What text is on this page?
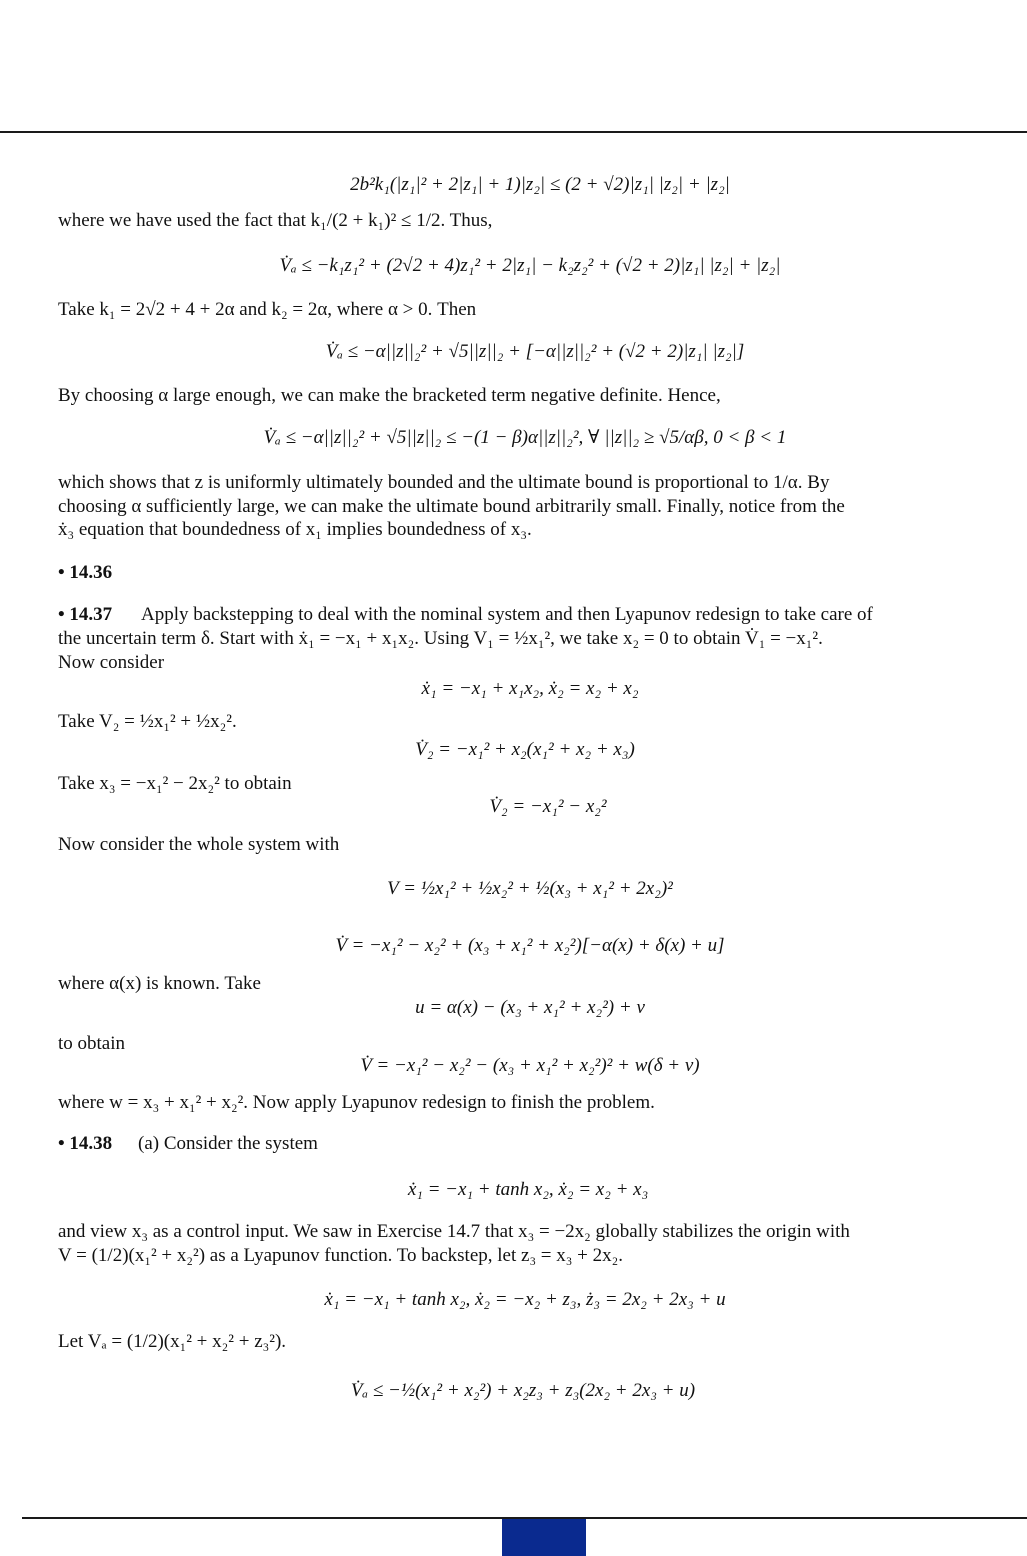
2b²k₁(|z₁|² + 2|z₁| + 1)|z₂| ≤ (2 + √2)|z₁| |z₂| + |z₂|
where we have used the fact that k₁/(2 + k₁)² ≤ 1/2. Thus,
V̇ₐ ≤ −k₁z₁² + (2√2 + 4)z₁² + 2|z₁| − k₂z₂² + (√2 + 2)|z₁| |z₂| + |z₂|
Take k₁ = 2√2 + 4 + 2α and k₂ = 2α, where α > 0. Then
V̇ₐ ≤ −α||z||₂² + √5||z||₂ + [−α||z||₂² + (√2 + 2)|z₁| |z₂|]
By choosing α large enough, we can make the bracketed term negative definite. Hence,
V̇ₐ ≤ −α||z||₂² + √5||z||₂ ≤ −(1 − β)α||z||₂², ∀ ||z||₂ ≥ √5/αβ, 0 < β < 1
which shows that z is uniformly ultimately bounded and the ultimate bound is proportional to 1/α. By
choosing α sufficiently large, we can make the ultimate bound arbitrarily small. Finally, notice from the
ẋ₃ equation that boundedness of x₁ implies boundedness of x₃.
• 14.36
• 14.37 Apply backstepping to deal with the nominal system and then Lyapunov redesign to take care of
the uncertain term δ. Start with ẋ₁ = −x₁ + x₁x₂. Using V₁ = ½x₁², we take x₂ = 0 to obtain V̇₁ = −x₁².
Now consider
ẋ₁ = −x₁ + x₁x₂, ẋ₂ = x₂ + x₂
Take V₂ = ½x₁² + ½x₂².
V̇₂ = −x₁² + x₂(x₁² + x₂ + x₃)
Take x₃ = −x₁² − 2x₂² to obtain
V̇₂ = −x₁² − x₂²
Now consider the whole system with
V = ½x₁² + ½x₂² + ½(x₃ + x₁² + 2x₂)²
V̇ = −x₁² − x₂² + (x₃ + x₁² + x₂²)[−α(x) + δ(x) + u]
where α(x) is known. Take
u = α(x) − (x₃ + x₁² + x₂²) + v
to obtain
V̇ = −x₁² − x₂² − (x₃ + x₁² + x₂²)² + w(δ + v)
where w = x₃ + x₁² + x₂². Now apply Lyapunov redesign to finish the problem.
• 14.38 (a) Consider the system
ẋ₁ = −x₁ + tanh x₂, ẋ₂ = x₂ + x₃
and view x₃ as a control input. We saw in Exercise 14.7 that x₃ = −2x₂ globally stabilizes the origin with
V = (1/2)(x₁² + x₂²) as a Lyapunov function. To backstep, let z₃ = x₃ + 2x₂.
ẋ₁ = −x₁ + tanh x₂, ẋ₂ = −x₂ + z₃, ż₃ = 2x₂ + 2x₃ + u
Let Vₐ = (1/2)(x₁² + x₂² + z₃²).
V̇ₐ ≤ −½(x₁² + x₂²) + x₂z₃ + z₃(2x₂ + 2x₃ + u)
